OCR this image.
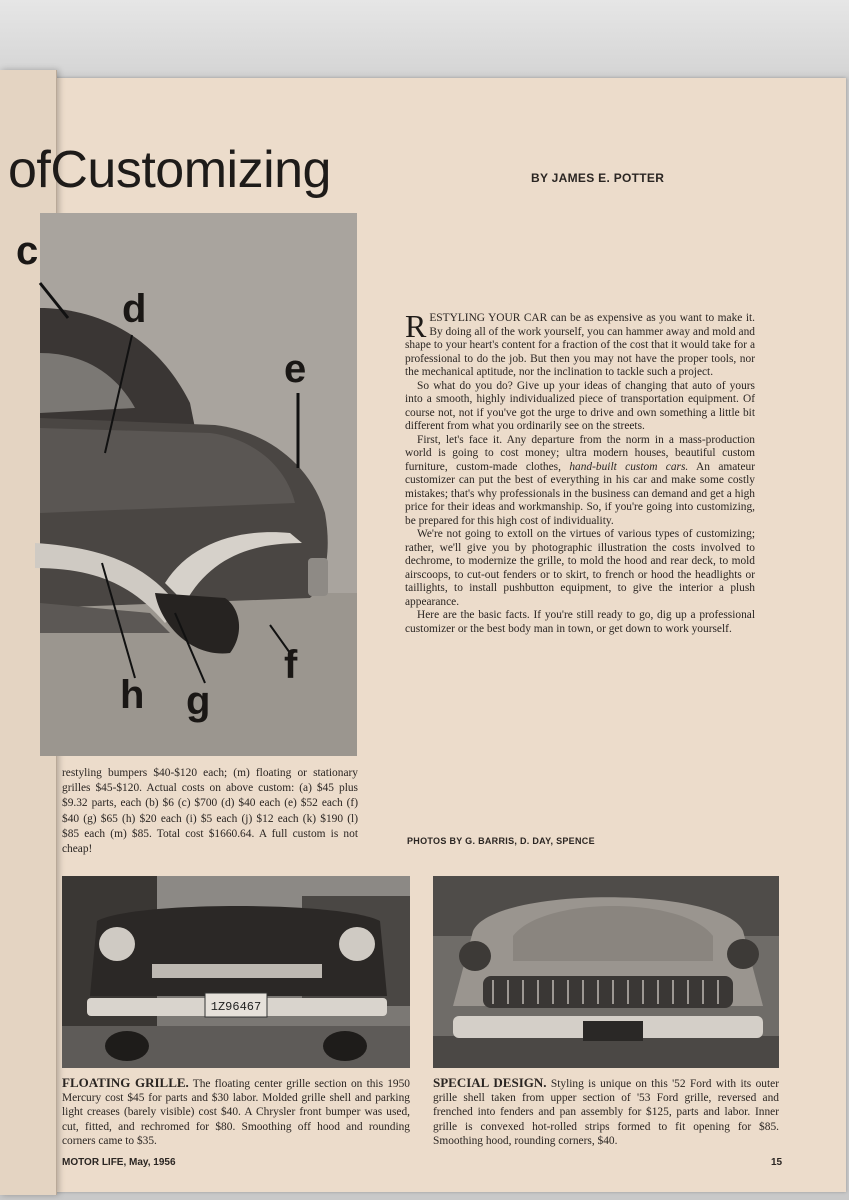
ofCustomizing	BY JAMES E. POTTER
c
d
e
f
g
h

RESTYLING YOUR CAR can be as expensive as you want to make it. By doing all of the work yourself, you can hammer away and mold and shape to your heart's content for a fraction of the cost that it would take for a professional to do the job. But then you may not have the proper tools, nor the mechanical aptitude, nor the inclination to tackle such a project.

So what do you do? Give up your ideas of changing that auto of yours into a smooth, highly individualized piece of transportation equipment. Of course not, not if you've got the urge to drive and own something a little bit different from what you ordinarily see on the streets.

First, let's face it. Any departure from the norm in a mass-production world is going to cost money; ultra modern houses, beautiful custom furniture, custom-made clothes, hand-built custom cars. An amateur customizer can put the best of everything in his car and make some costly mistakes; that's why professionals in the business can demand and get a high price for their ideas and workmanship. So, if you're going into customizing, be prepared for this high cost of individuality.

We're not going to extoll on the virtues of various types of customizing; rather, we'll give you by photographic illustration the costs involved to dechrome, to modernize the grille, to mold the hood and rear deck, to mold airscoops, to cut-out fenders or to skirt, to french or hood the headlights or taillights, to install pushbutton equipment, to give the interior a plush appearance.

Here are the basic facts. If you're still ready to go, dig up a professional customizer or the best body man in town, or get down to work yourself.

restyling bumpers $40-$120 each; (m) floating or stationary grilles $45-$120. Actual costs on above custom: (a) $45 plus $9.32 parts, each (b) $6 (c) $700 (d) $40 each (e) $52 each (f) $40 (g) $65 (h) $20 each (i) $5 each (j) $12 each (k) $190 (l) $85 each (m) $85. Total cost $1660.64. A full custom is not cheap!
PHOTOS BY G. BARRIS, D. DAY, SPENCE
1Z96467
FLOATING GRILLE. The floating center grille section on this 1950 Mercury cost $45 for parts and $30 labor. Molded grille shell and parking light creases (barely visible) cost $40. A Chrysler front bumper was used, cut, fitted, and rechromed for $80. Smoothing off hood and rounding corners came to $35.
SPECIAL DESIGN. Styling is unique on this '52 Ford with its outer grille shell taken from upper section of '53 Ford grille, reversed and frenched into fenders and pan assembly for $125, parts and labor. Inner grille is convexed hot-rolled strips formed to fit opening for $85. Smoothing hood, rounding corners, $40.
MOTOR LIFE, May, 1956	15
